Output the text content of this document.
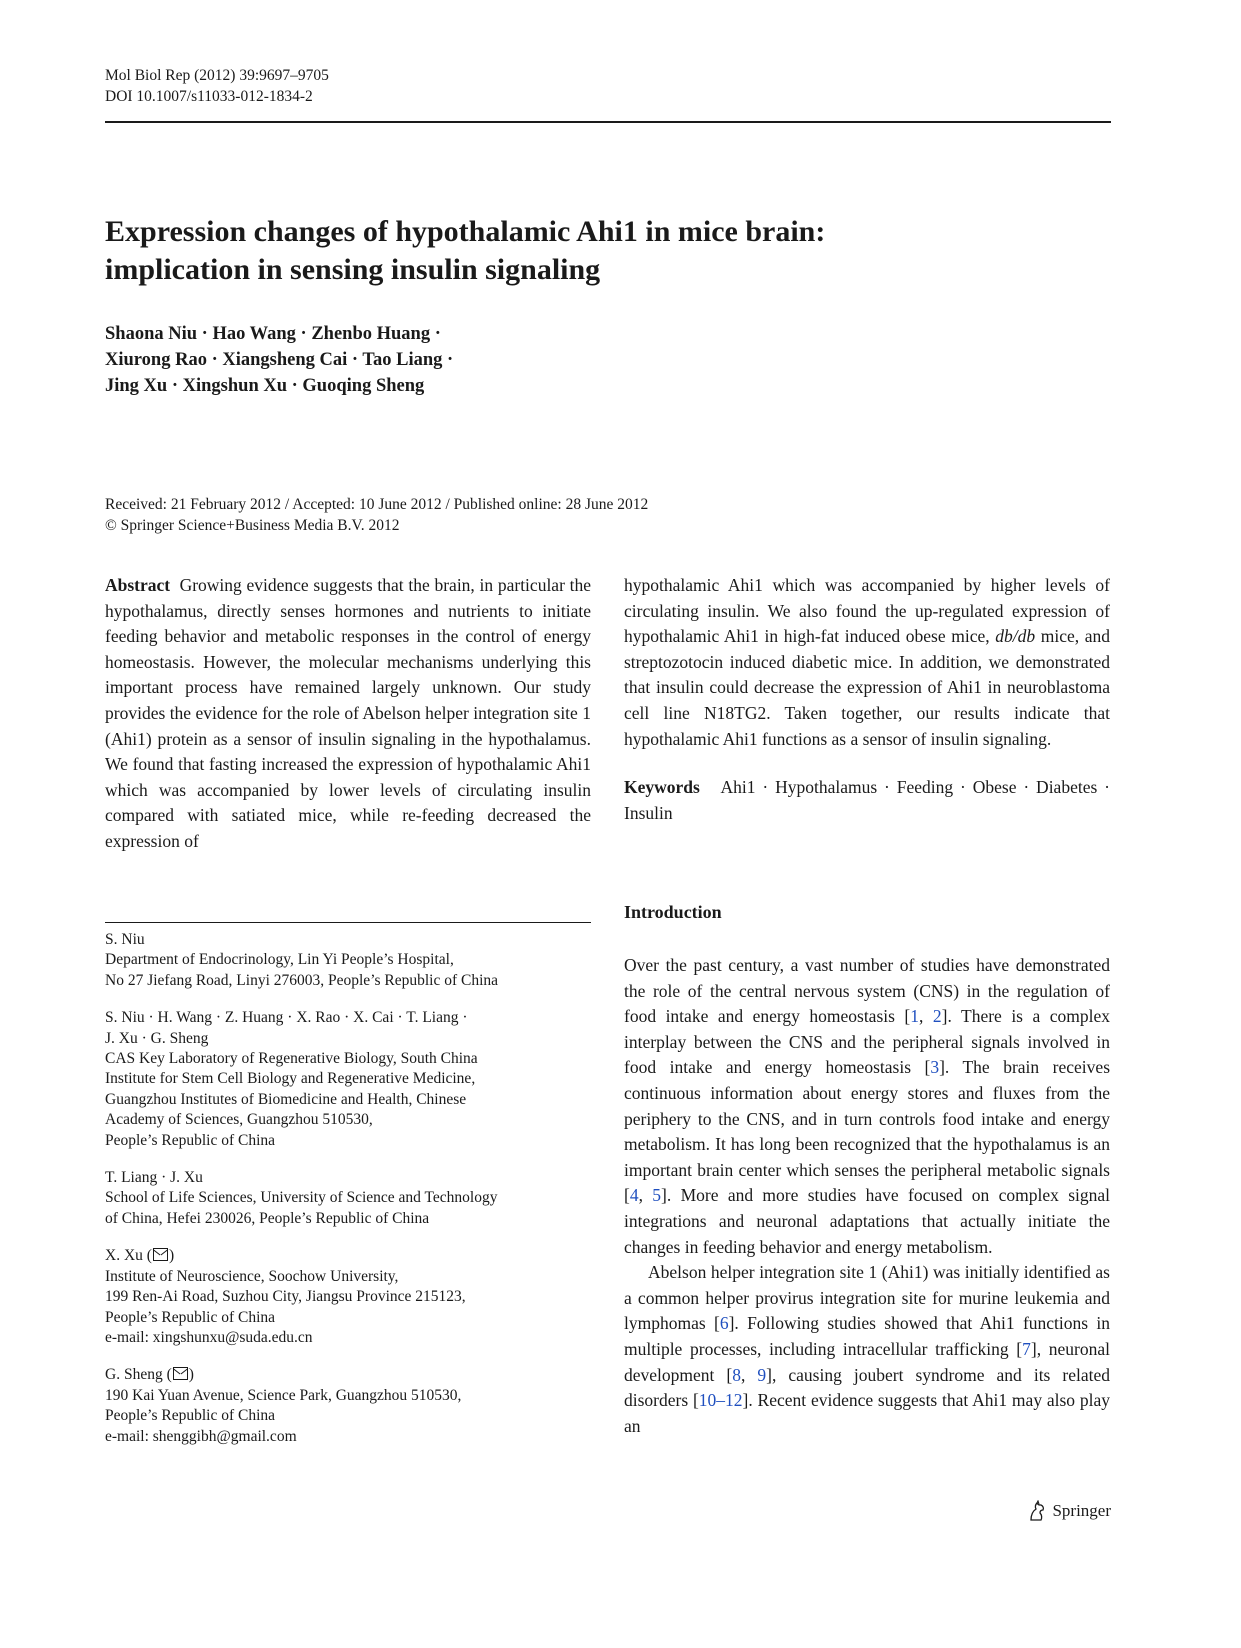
Mol Biol Rep (2012) 39:9697–9705
DOI 10.1007/s11033-012-1834-2
Expression changes of hypothalamic Ahi1 in mice brain:
implication in sensing insulin signaling
Shaona Niu · Hao Wang · Zhenbo Huang ·
Xiurong Rao · Xiangsheng Cai · Tao Liang ·
Jing Xu · Xingshun Xu · Guoqing Sheng
Received: 21 February 2012 / Accepted: 10 June 2012 / Published online: 28 June 2012
© Springer Science+Business Media B.V. 2012

Abstract Growing evidence suggests that the brain, in particular the hypothalamus, directly senses hormones and nutrients to initiate feeding behavior and metabolic responses in the control of energy homeostasis. However, the molecular mechanisms underlying this important process have remained largely unknown. Our study provides the evidence for the role of Abelson helper integration site 1 (Ahi1) protein as a sensor of insulin signaling in the hypothalamus. We found that fasting increased the expression of hypothalamic Ahi1 which was accompanied by lower levels of circulating insulin compared with satiated mice, while re-feeding decreased the expression of

hypothalamic Ahi1 which was accompanied by higher levels of circulating insulin. We also found the up-regulated expression of hypothalamic Ahi1 in high-fat induced obese mice, db/db mice, and streptozotocin induced diabetic mice. In addition, we demonstrated that insulin could decrease the expression of Ahi1 in neuroblastoma cell line N18TG2. Taken together, our results indicate that hypothalamic Ahi1 functions as a sensor of insulin signaling.

Keywords Ahi1 · Hypothalamus · Feeding · Obese · Diabetes · Insulin

Introduction

Over the past century, a vast number of studies have demonstrated the role of the central nervous system (CNS) in the regulation of food intake and energy homeostasis [1, 2]. There is a complex interplay between the CNS and the peripheral signals involved in food intake and energy homeostasis [3]. The brain receives continuous information about energy stores and fluxes from the periphery to the CNS, and in turn controls food intake and energy metabolism. It has long been recognized that the hypothalamus is an important brain center which senses the peripheral metabolic signals [4, 5]. More and more studies have focused on complex signal integrations and neuronal adaptations that actually initiate the changes in feeding behavior and energy metabolism.

Abelson helper integration site 1 (Ahi1) was initially identified as a common helper provirus integration site for murine leukemia and lymphomas [6]. Following studies showed that Ahi1 functions in multiple processes, including intracellular trafficking [7], neuronal development [8, 9], causing joubert syndrome and its related disorders [10–12]. Recent evidence suggests that Ahi1 may also play an

S. Niu
Department of Endocrinology, Lin Yi People’s Hospital,
No 27 Jiefang Road, Linyi 276003, People’s Republic of China
S. Niu · H. Wang · Z. Huang · X. Rao · X. Cai · T. Liang ·
J. Xu · G. Sheng
CAS Key Laboratory of Regenerative Biology, South China
Institute for Stem Cell Biology and Regenerative Medicine,
Guangzhou Institutes of Biomedicine and Health, Chinese
Academy of Sciences, Guangzhou 510530,
People’s Republic of China
T. Liang · J. Xu
School of Life Sciences, University of Science and Technology
of China, Hefei 230026, People’s Republic of China
X. Xu ( )
Institute of Neuroscience, Soochow University,
199 Ren-Ai Road, Suzhou City, Jiangsu Province 215123,
People’s Republic of China
e-mail: xingshunxu@suda.edu.cn
G. Sheng ( )
190 Kai Yuan Avenue, Science Park, Guangzhou 510530,
People’s Republic of China
e-mail: shenggibh@gmail.com
Springer
